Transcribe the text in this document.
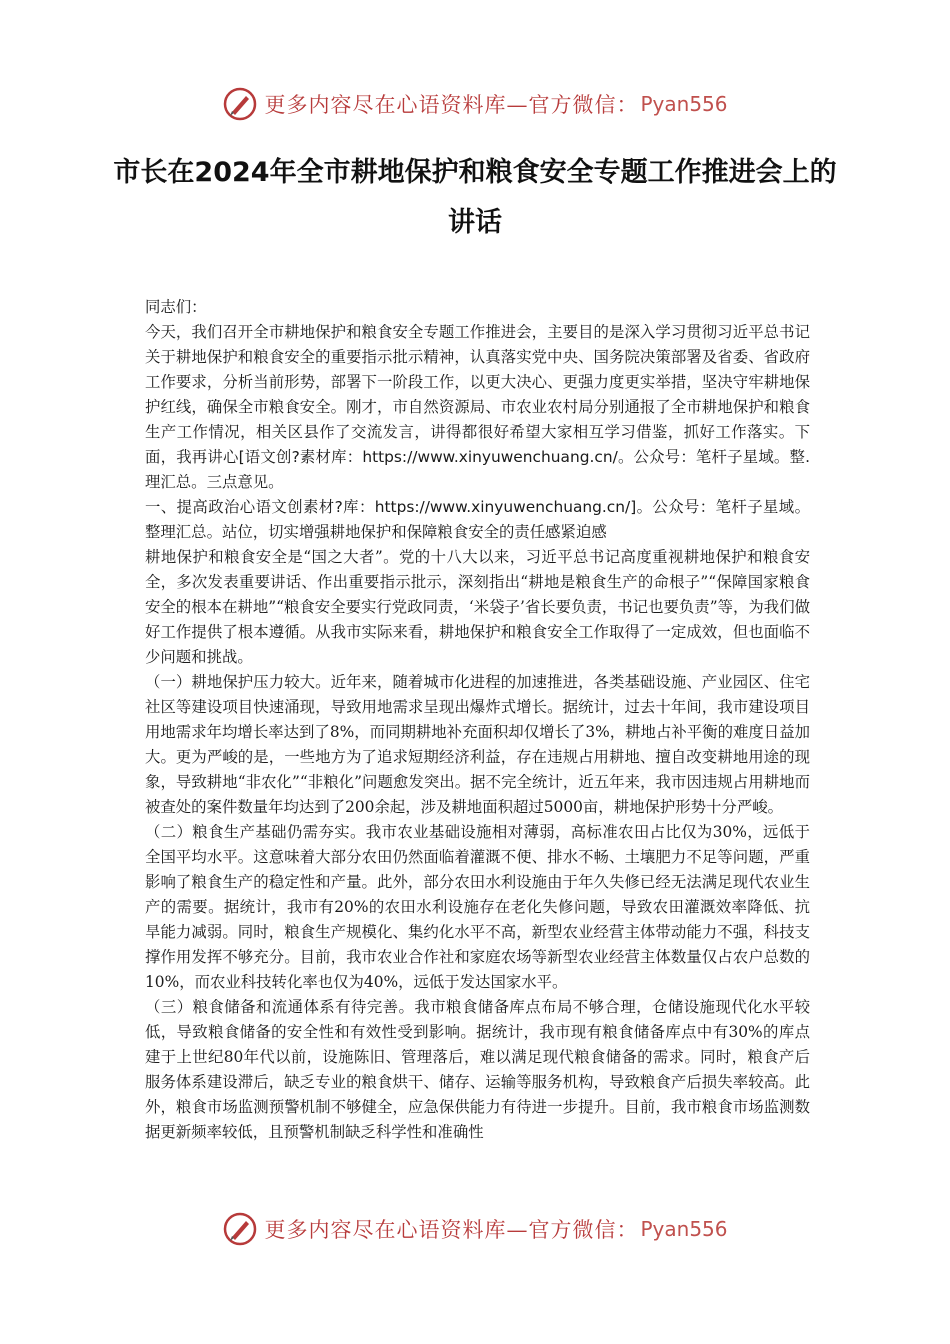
更多内容尽在心语资料库—官方微信： Pyan556
市长在2024年全市耕地保护和粮食安全专题工作推进会上的讲话

同志们：

今天，我们召开全市耕地保护和粮食安全专题工作推进会，主要目的是深入学习贯彻习近平总书记关于耕地保护和粮食安全的重要指示批示精神，认真落实党中央、国务院决策部署及省委、省政府工作要求，分析当前形势，部署下一阶段工作，以更大决心、更强力度更实举措，坚决守牢耕地保护红线，确保全市粮食安全。刚才，市自然资源局、市农业农村局分别通报了全市耕地保护和粮食生产工作情况，相关区县作了交流发言，讲得都很好希望大家相互学习借鉴，抓好工作落实。下面，我再讲心[语文创?素材库：https://www.xinyuwenchuang.cn/。公众号：笔杆子星域。整.理汇总。三点意见。

一、提高政治心语文创素材?库：https://www.xinyuwenchuang.cn/]。公众号：笔杆子星域。整理汇总。站位，切实增强耕地保护和保障粮食安全的责任感紧迫感

耕地保护和粮食安全是“国之大者”。党的十八大以来，习近平总书记高度重视耕地保护和粮食安全，多次发表重要讲话、作出重要指示批示，深刻指出“耕地是粮食生产的命根子”“保障国家粮食安全的根本在耕地”“粮食安全要实行党政同责，‘米袋子’省长要负责，书记也要负责”等，为我们做好工作提供了根本遵循。从我市实际来看，耕地保护和粮食安全工作取得了一定成效，但也面临不少问题和挑战。

（一）耕地保护压力较大。近年来，随着城市化进程的加速推进，各类基础设施、产业园区、住宅社区等建设项目快速涌现，导致用地需求呈现出爆炸式增长。据统计，过去十年间，我市建设项目用地需求年均增长率达到了8%，而同期耕地补充面积却仅增长了3%，耕地占补平衡的难度日益加大。更为严峻的是，一些地方为了追求短期经济利益，存在违规占用耕地、擅自改变耕地用途的现象，导致耕地“非农化”“非粮化”问题愈发突出。据不完全统计，近五年来，我市因违规占用耕地而被查处的案件数量年均达到了200余起，涉及耕地面积超过5000亩，耕地保护形势十分严峻。

（二）粮食生产基础仍需夯实。我市农业基础设施相对薄弱，高标准农田占比仅为30%，远低于全国平均水平。这意味着大部分农田仍然面临着灌溉不便、排水不畅、土壤肥力不足等问题，严重影响了粮食生产的稳定性和产量。此外，部分农田水利设施由于年久失修已经无法满足现代农业生产的需要。据统计，我市有20%的农田水利设施存在老化失修问题，导致农田灌溉效率降低、抗旱能力减弱。同时，粮食生产规模化、集约化水平不高，新型农业经营主体带动能力不强，科技支撑作用发挥不够充分。目前，我市农业合作社和家庭农场等新型农业经营主体数量仅占农户总数的10%，而农业科技转化率也仅为40%，远低于发达国家水平。

（三）粮食储备和流通体系有待完善。我市粮食储备库点布局不够合理，仓储设施现代化水平较低，导致粮食储备的安全性和有效性受到影响。据统计，我市现有粮食储备库点中有30%的库点建于上世纪80年代以前，设施陈旧、管理落后，难以满足现代粮食储备的需求。同时，粮食产后服务体系建设滞后，缺乏专业的粮食烘干、储存、运输等服务机构，导致粮食产后损失率较高。此外，粮食市场监测预警机制不够健全，应急保供能力有待进一步提升。目前，我市粮食市场监测数据更新频率较低，且预警机制缺乏科学性和准确性

更多内容尽在心语资料库—官方微信： Pyan556
